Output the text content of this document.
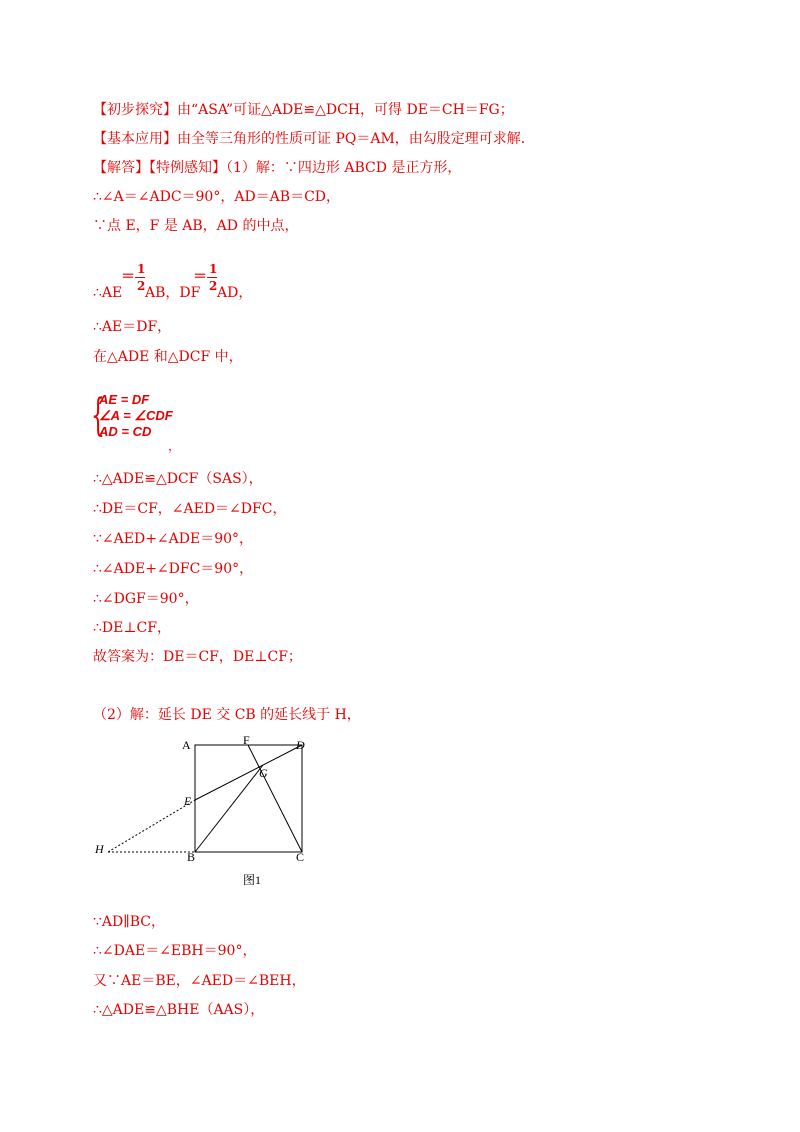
【初步探究】由“ASA”可证△ADE≌△DCH，可得 DE＝CH＝FG；
【基本应用】由全等三角形的性质可证 PQ＝AM，由勾股定理可求解．
【解答】【特例感知】（1）解：∵四边形 ABCD 是正方形，
∴∠A＝∠ADC＝90°，AD＝AB＝CD，
∵点 E，F 是 AB，AD 的中点，
∴AE
＝ 1
2 AB，DF
＝ 1
2 AD，
∴AE＝DF，
在△ADE 和△DCF 中，
{
AE = DF
∠A = ∠CDF
AD = CD
，
∴△ADE≌△DCF（SAS），
∴DE＝CF，∠AED＝∠DFC，
∵∠AED+∠ADE＝90°，
∴∠ADE+∠DFC＝90°，
∴∠DGF＝90°，
∴DE⊥CF，
故答案为：DE＝CF，DE⊥CF；
（2）解：延长 DE 交 CB 的延长线于 H，
A	F	D
G
E
H
B	C
图1
∵AD∥BC，
∴∠DAE＝∠EBH＝90°，
又∵AE＝BE，∠AED＝∠BEH，
∴△ADE≌△BHE（AAS），
